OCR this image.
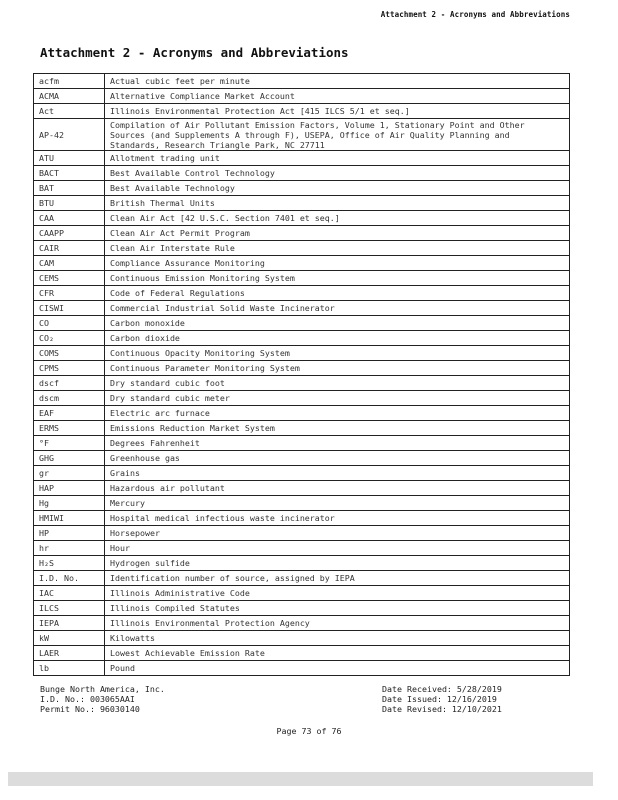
Attachment 2 - Acronyms and Abbreviations
Attachment 2 - Acronyms and Abbreviations
acfm	Actual cubic feet per minute
ACMA	Alternative Compliance Market Account
Act	Illinois Environmental Protection Act [415 ILCS 5/1 et seq.]
AP-42	Compilation of Air Pollutant Emission Factors, Volume 1, Stationary Point and Other Sources (and Supplements A through F), USEPA, Office of Air Quality Planning and Standards, Research Triangle Park, NC 27711
ATU	Allotment trading unit
BACT	Best Available Control Technology
BAT	Best Available Technology
BTU	British Thermal Units
CAA	Clean Air Act [42 U.S.C. Section 7401 et seq.]
CAAPP	Clean Air Act Permit Program
CAIR	Clean Air Interstate Rule
CAM	Compliance Assurance Monitoring
CEMS	Continuous Emission Monitoring System
CFR	Code of Federal Regulations
CISWI	Commercial Industrial Solid Waste Incinerator
CO	Carbon monoxide
CO₂	Carbon dioxide
COMS	Continuous Opacity Monitoring System
CPMS	Continuous Parameter Monitoring System
dscf	Dry standard cubic foot
dscm	Dry standard cubic meter
EAF	Electric arc furnace
ERMS	Emissions Reduction Market System
°F	Degrees Fahrenheit
GHG	Greenhouse gas
gr	Grains
HAP	Hazardous air pollutant
Hg	Mercury
HMIWI	Hospital medical infectious waste incinerator
HP	Horsepower
hr	Hour
H₂S	Hydrogen sulfide
I.D. No.	Identification number of source, assigned by IEPA
IAC	Illinois Administrative Code
ILCS	Illinois Compiled Statutes
IEPA	Illinois Environmental Protection Agency
kW	Kilowatts
LAER	Lowest Achievable Emission Rate
lb	Pound
Bunge North America, Inc.
I.D. No.: 003065AAI
Permit No.: 96030140
Date Received: 5/28/2019
Date Issued: 12/16/2019
Date Revised: 12/10/2021
Page 73 of 76
